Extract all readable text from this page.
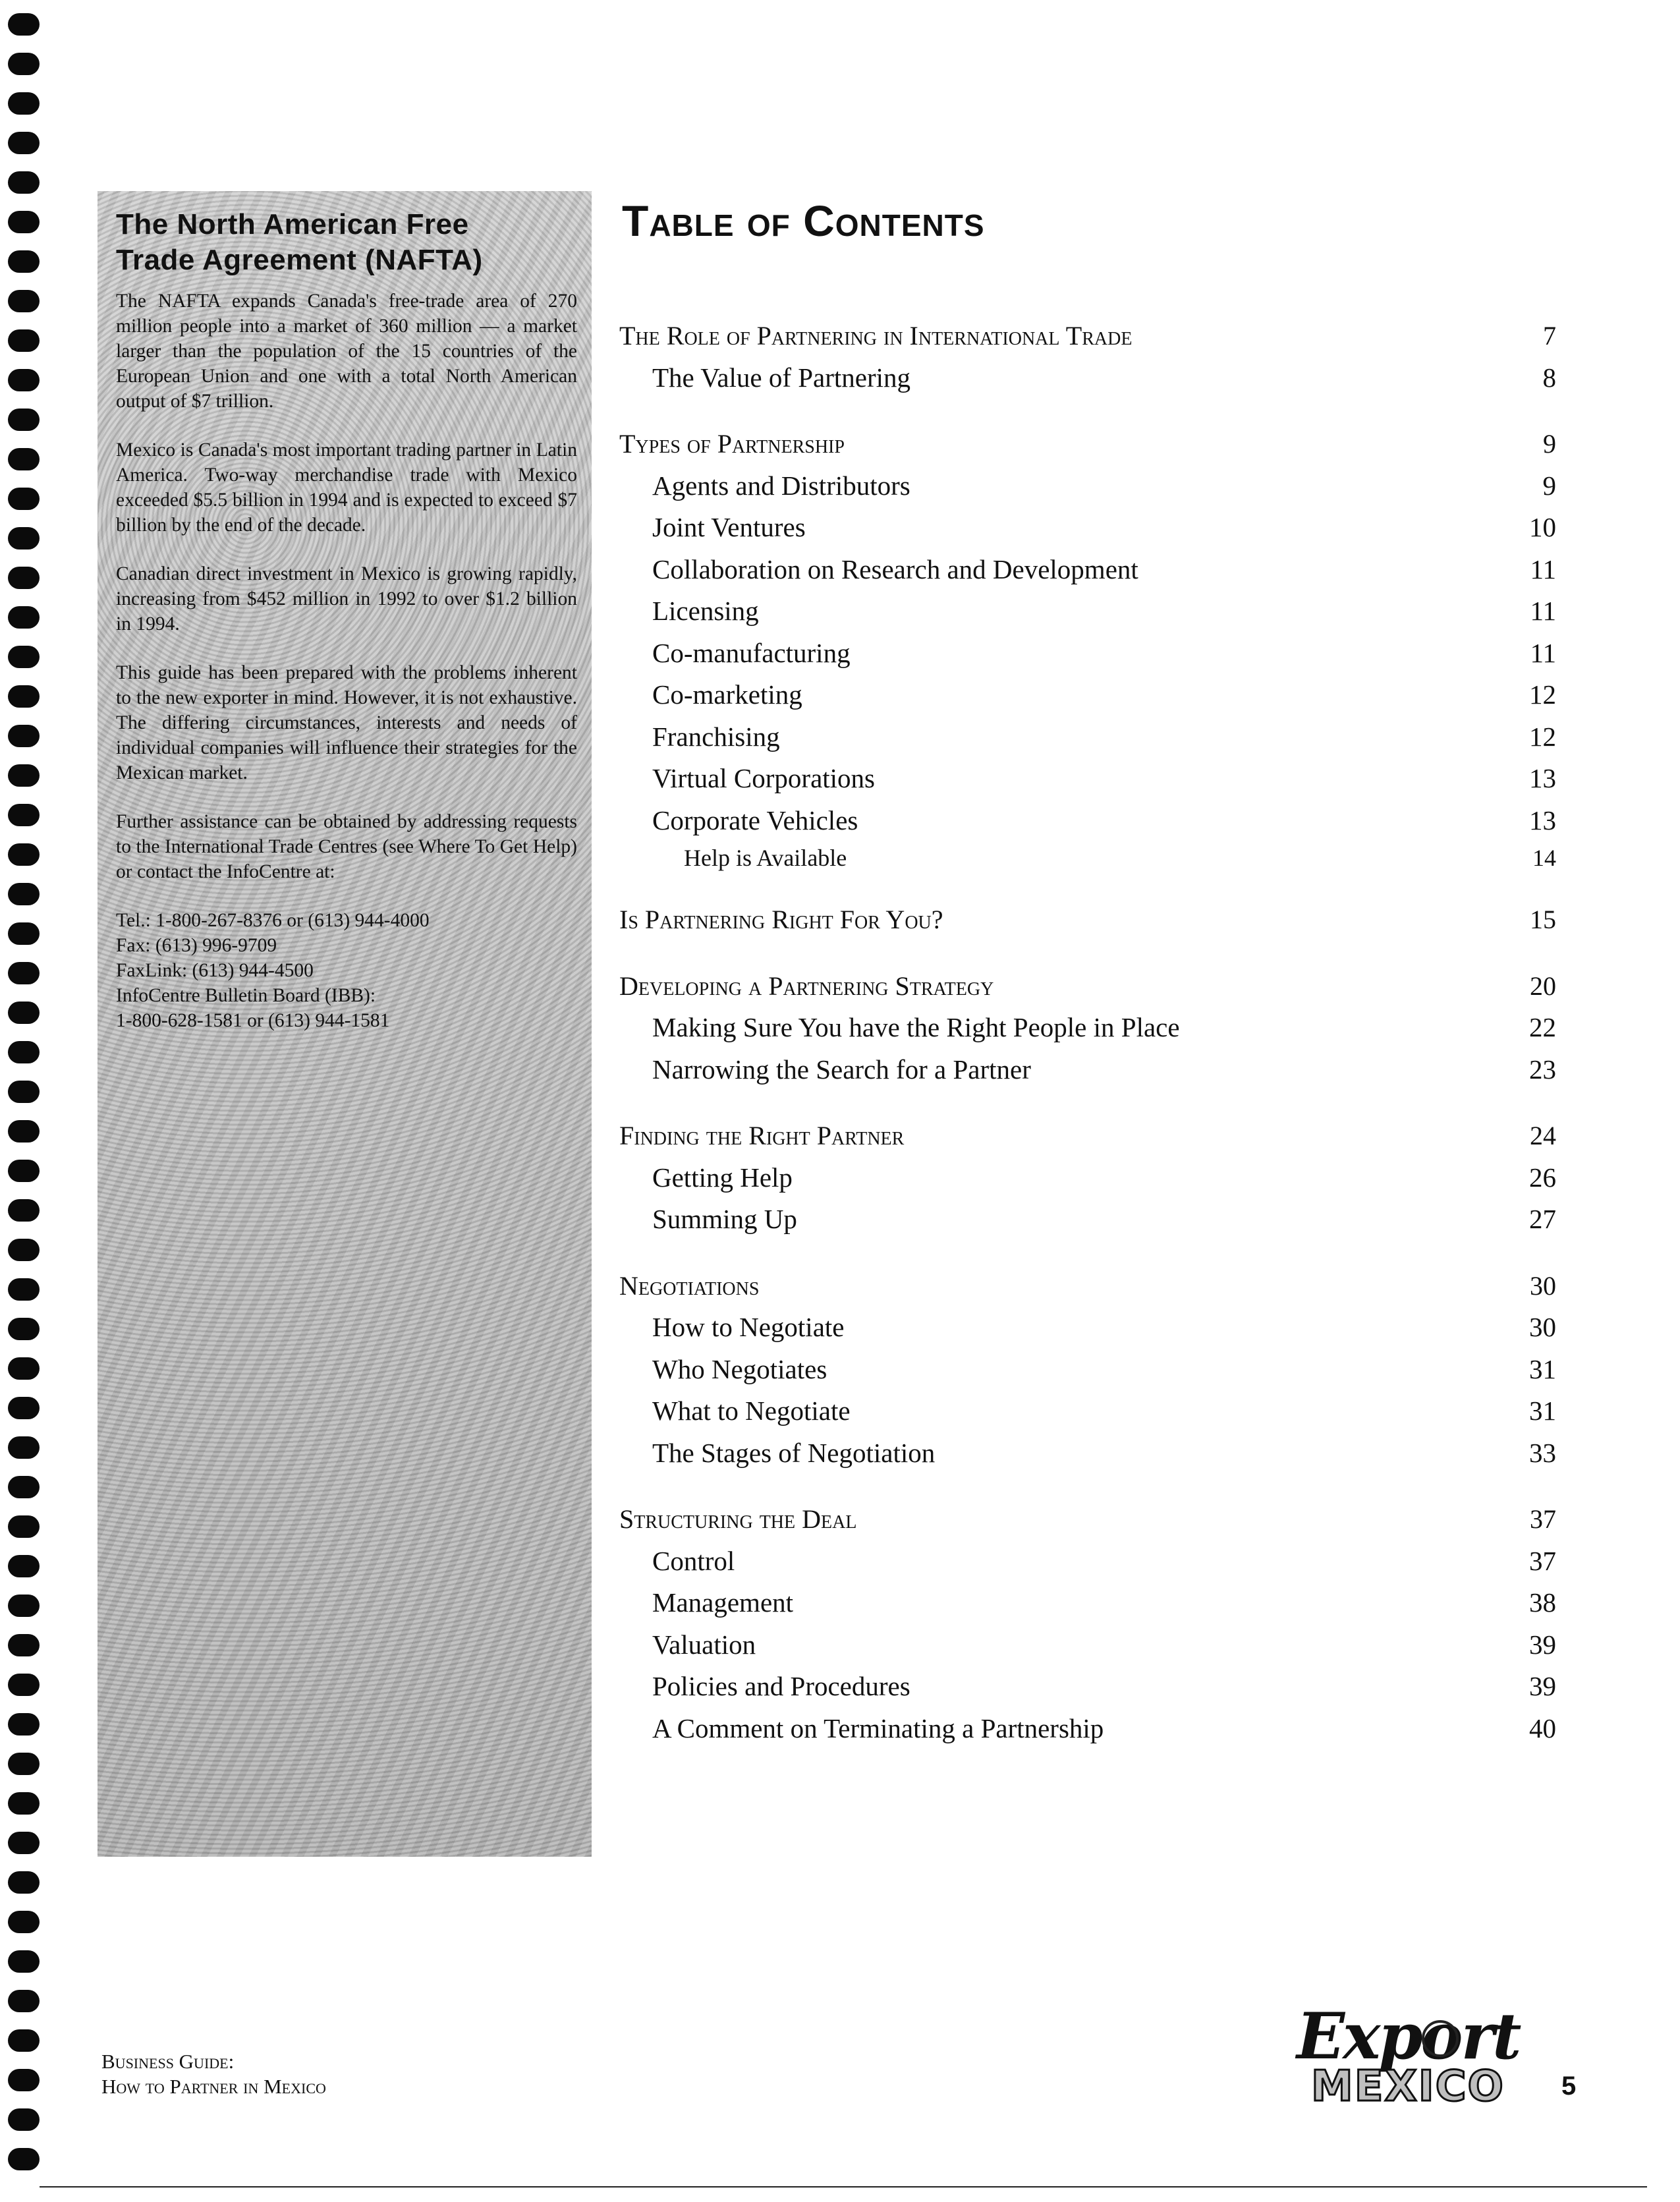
The North American Free
Trade Agreement (NAFTA)

The NAFTA expands Canada's free-trade area of 270 million people into a market of 360 million — a market larger than the population of the 15 countries of the European Union and one with a total North American output of $7 trillion.

Mexico is Canada's most important trading partner in Latin America. Two-way merchandise trade with Mexico exceeded $5.5 billion in 1994 and is expected to exceed $7 billion by the end of the decade.

Canadian direct investment in Mexico is growing rapidly, increasing from $452 million in 1992 to over $1.2 billion in 1994.

This guide has been prepared with the problems inherent to the new exporter in mind. However, it is not exhaustive. The differing circumstances, interests and needs of individual companies will influence their strategies for the Mexican market.

Further assistance can be obtained by addressing requests to the International Trade Centres (see Where To Get Help) or contact the InfoCentre at:

Tel.: 1-800-267-8376 or (613) 944-4000
Fax: (613) 996-9709
FaxLink: (613) 944-4500
InfoCentre Bulletin Board (IBB):
1-800-628-1581 or (613) 944-1581
Table of Contents
The Role of Partnering in International Trade	7
The Value of Partnering	8
Types of Partnership	9
Agents and Distributors	9
Joint Ventures	10
Collaboration on Research and Development	11
Licensing	11
Co-manufacturing	11
Co-marketing	12
Franchising	12
Virtual Corporations	13
Corporate Vehicles	13
Help is Available	14
Is Partnering Right For You?	15
Developing a Partnering Strategy	20
Making Sure You have the Right People in Place	22
Narrowing the Search for a Partner	23
Finding the Right Partner	24
Getting Help	26
Summing Up	27
Negotiations	30
How to Negotiate	30
Who Negotiates	31
What to Negotiate	31
The Stages of Negotiation	33
Structuring the Deal	37
Control	37
Management	38
Valuation	39
Policies and Procedures	39
A Comment on Terminating a Partnership	40
Business Guide:
How to Partner in Mexico
Export
MEXICO 5
